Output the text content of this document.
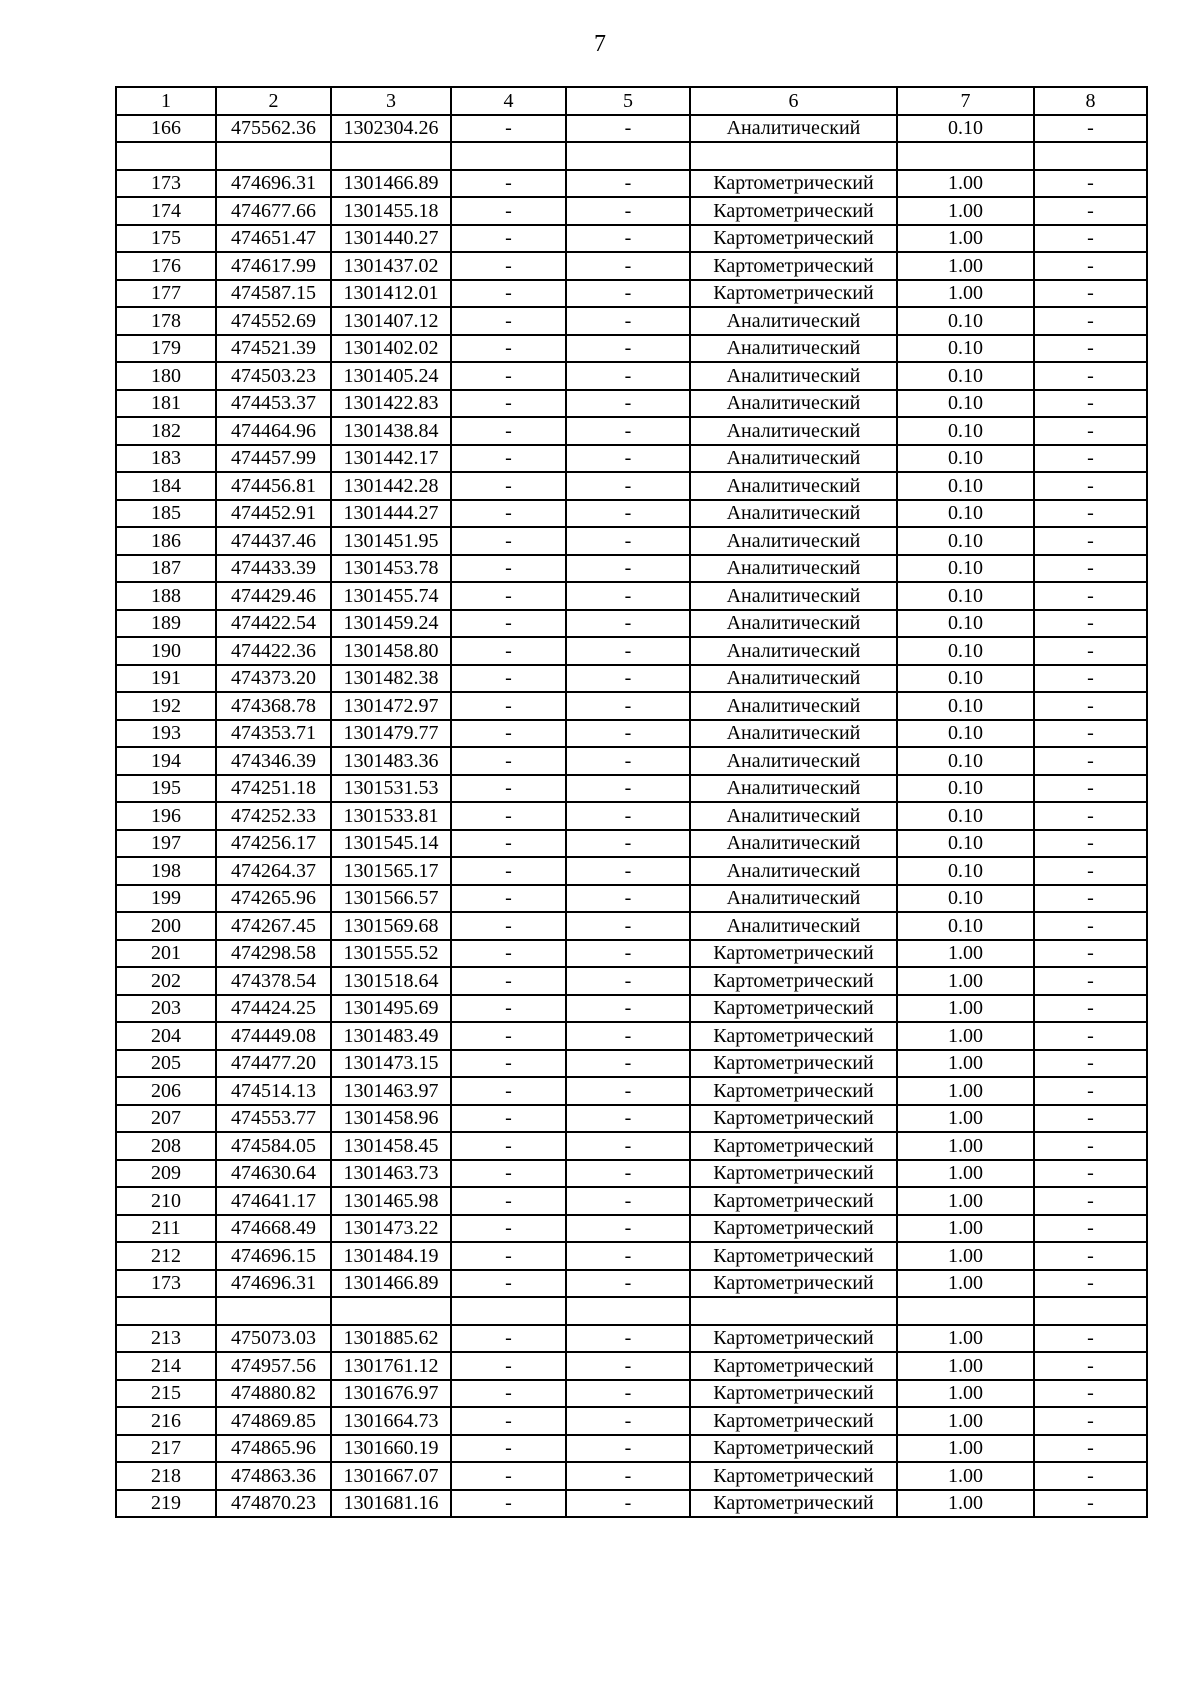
7
1	2	3	4	5	6	7	8
166	475562.36	1302304.26	-	-	Аналитический	0.10	-

173	474696.31	1301466.89	-	-	Картометрический	1.00	-
174	474677.66	1301455.18	-	-	Картометрический	1.00	-
175	474651.47	1301440.27	-	-	Картометрический	1.00	-
176	474617.99	1301437.02	-	-	Картометрический	1.00	-
177	474587.15	1301412.01	-	-	Картометрический	1.00	-
178	474552.69	1301407.12	-	-	Аналитический	0.10	-
179	474521.39	1301402.02	-	-	Аналитический	0.10	-
180	474503.23	1301405.24	-	-	Аналитический	0.10	-
181	474453.37	1301422.83	-	-	Аналитический	0.10	-
182	474464.96	1301438.84	-	-	Аналитический	0.10	-
183	474457.99	1301442.17	-	-	Аналитический	0.10	-
184	474456.81	1301442.28	-	-	Аналитический	0.10	-
185	474452.91	1301444.27	-	-	Аналитический	0.10	-
186	474437.46	1301451.95	-	-	Аналитический	0.10	-
187	474433.39	1301453.78	-	-	Аналитический	0.10	-
188	474429.46	1301455.74	-	-	Аналитический	0.10	-
189	474422.54	1301459.24	-	-	Аналитический	0.10	-
190	474422.36	1301458.80	-	-	Аналитический	0.10	-
191	474373.20	1301482.38	-	-	Аналитический	0.10	-
192	474368.78	1301472.97	-	-	Аналитический	0.10	-
193	474353.71	1301479.77	-	-	Аналитический	0.10	-
194	474346.39	1301483.36	-	-	Аналитический	0.10	-
195	474251.18	1301531.53	-	-	Аналитический	0.10	-
196	474252.33	1301533.81	-	-	Аналитический	0.10	-
197	474256.17	1301545.14	-	-	Аналитический	0.10	-
198	474264.37	1301565.17	-	-	Аналитический	0.10	-
199	474265.96	1301566.57	-	-	Аналитический	0.10	-
200	474267.45	1301569.68	-	-	Аналитический	0.10	-
201	474298.58	1301555.52	-	-	Картометрический	1.00	-
202	474378.54	1301518.64	-	-	Картометрический	1.00	-
203	474424.25	1301495.69	-	-	Картометрический	1.00	-
204	474449.08	1301483.49	-	-	Картометрический	1.00	-
205	474477.20	1301473.15	-	-	Картометрический	1.00	-
206	474514.13	1301463.97	-	-	Картометрический	1.00	-
207	474553.77	1301458.96	-	-	Картометрический	1.00	-
208	474584.05	1301458.45	-	-	Картометрический	1.00	-
209	474630.64	1301463.73	-	-	Картометрический	1.00	-
210	474641.17	1301465.98	-	-	Картометрический	1.00	-
211	474668.49	1301473.22	-	-	Картометрический	1.00	-
212	474696.15	1301484.19	-	-	Картометрический	1.00	-
173	474696.31	1301466.89	-	-	Картометрический	1.00	-

213	475073.03	1301885.62	-	-	Картометрический	1.00	-
214	474957.56	1301761.12	-	-	Картометрический	1.00	-
215	474880.82	1301676.97	-	-	Картометрический	1.00	-
216	474869.85	1301664.73	-	-	Картометрический	1.00	-
217	474865.96	1301660.19	-	-	Картометрический	1.00	-
218	474863.36	1301667.07	-	-	Картометрический	1.00	-
219	474870.23	1301681.16	-	-	Картометрический	1.00	-
